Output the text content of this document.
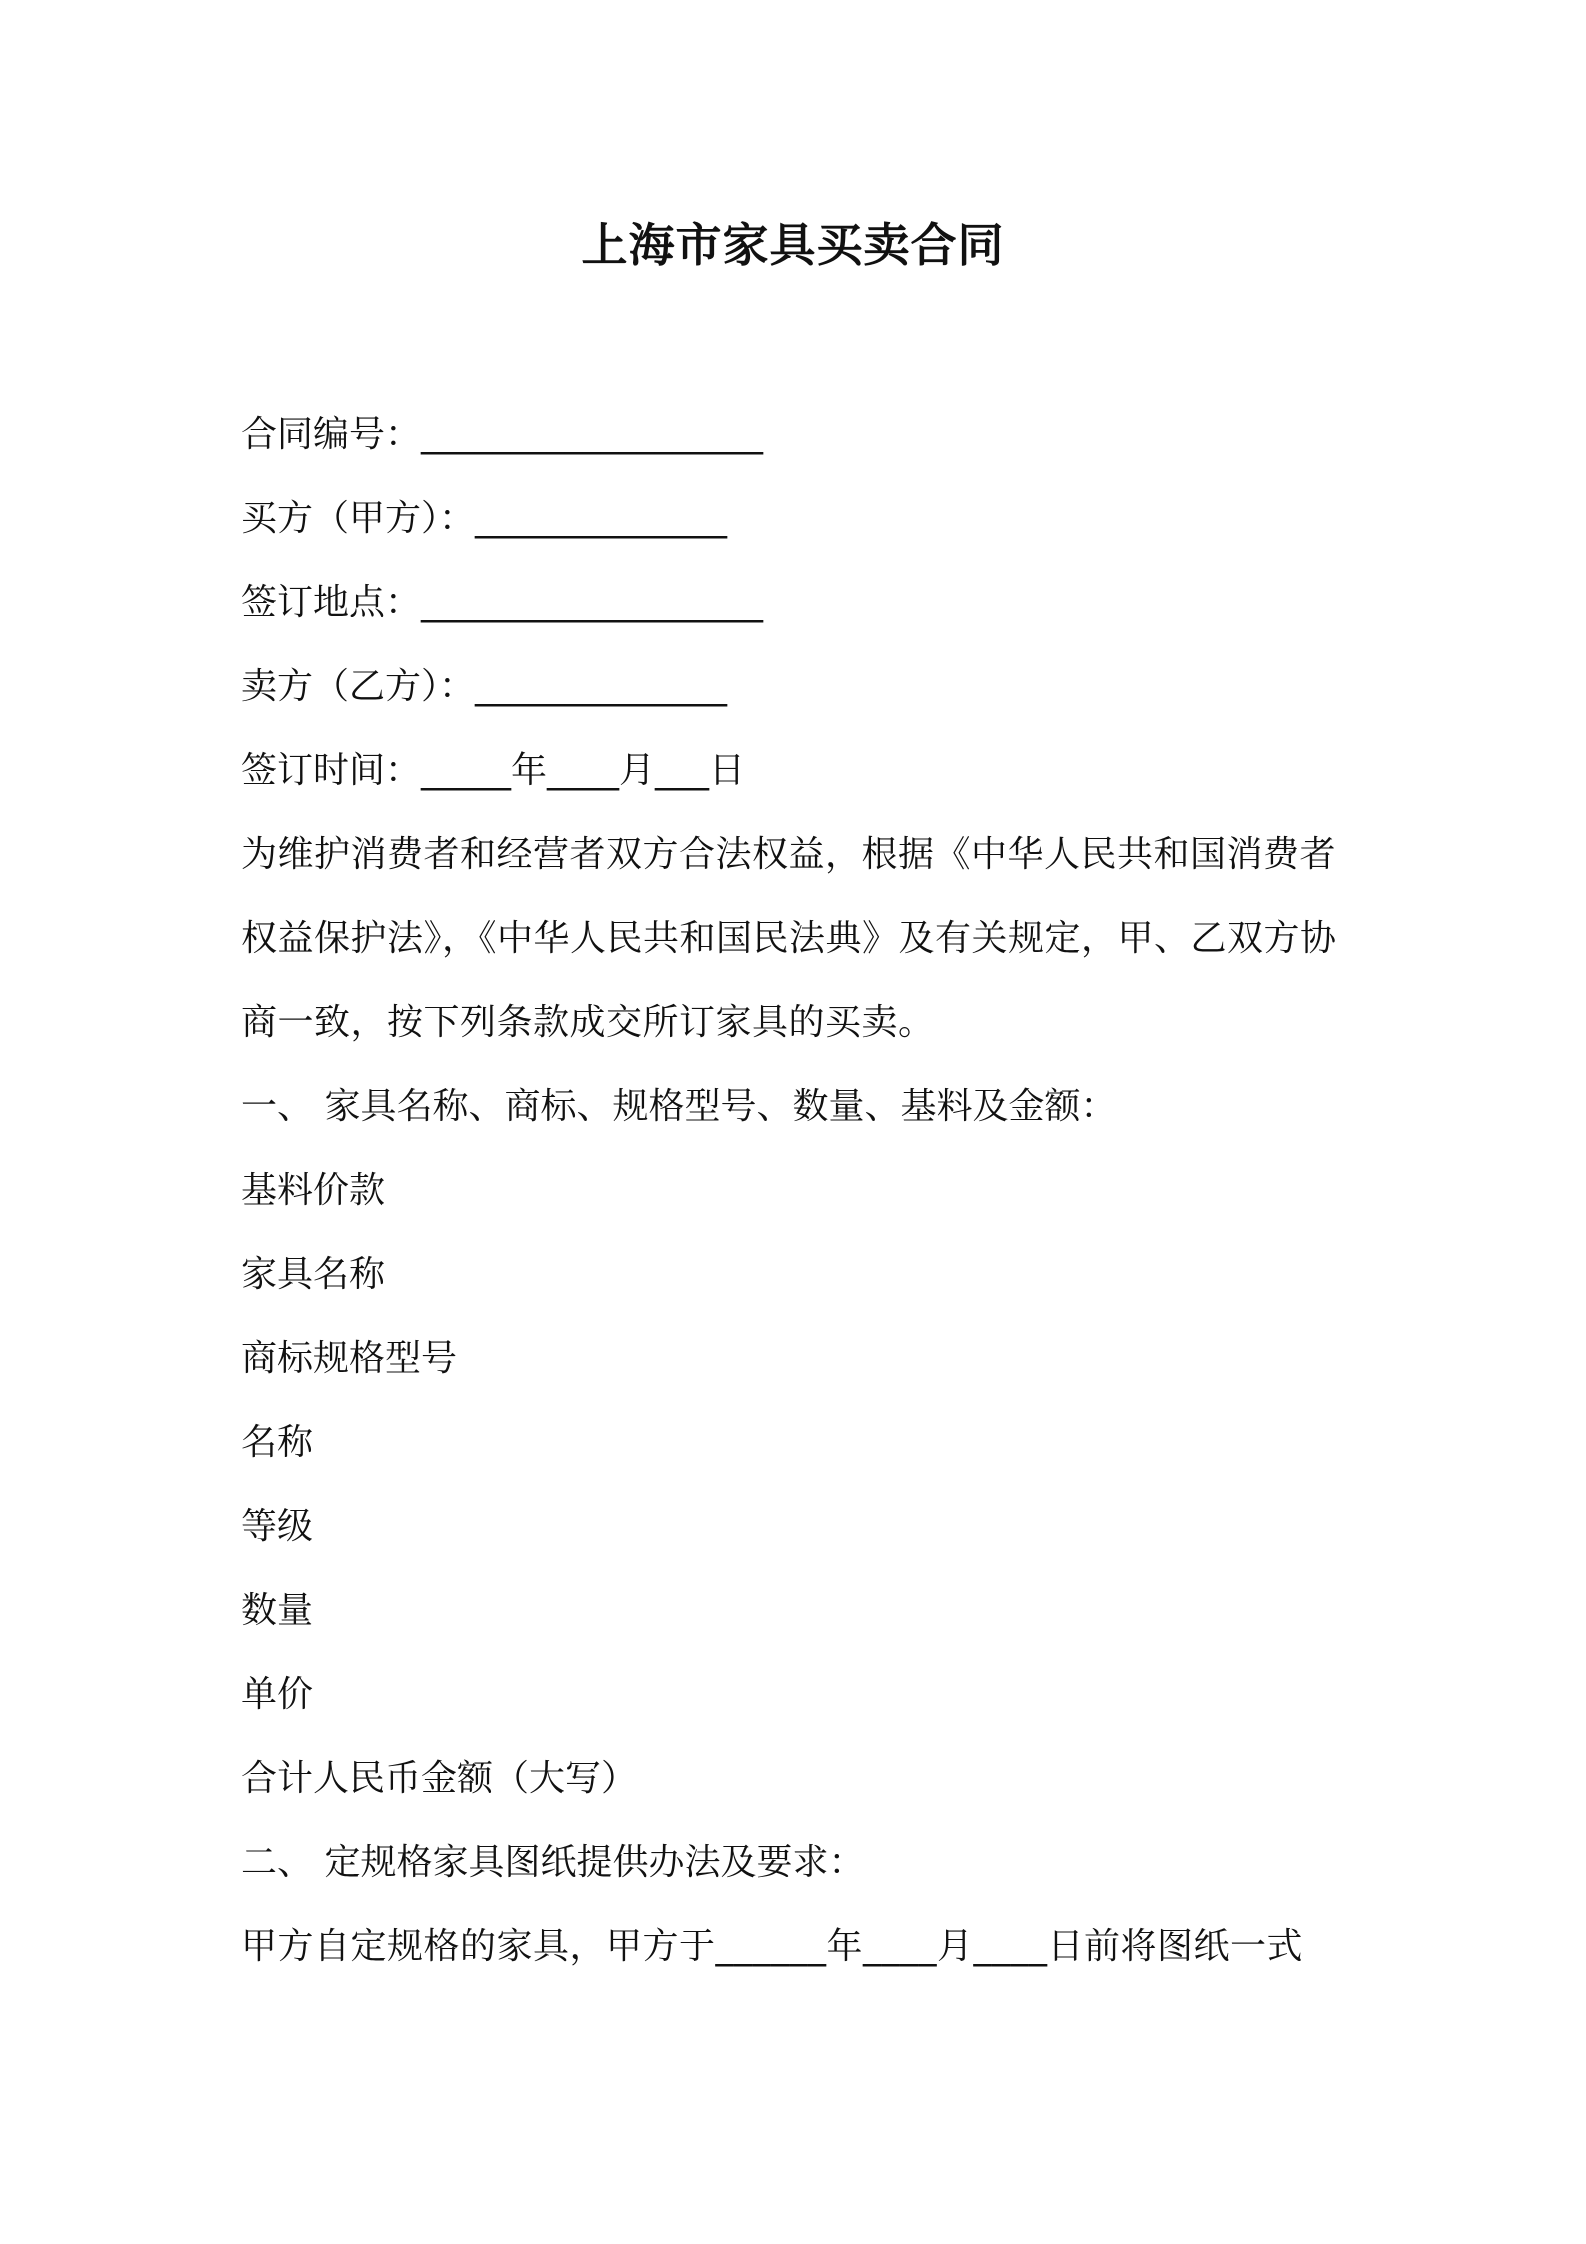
上海市家具买卖合同
合同编号：___________________
买方（甲方）：______________
签订地点：___________________
卖方（乙方）：______________
签订时间：_____年____月___日
为维护消费者和经营者双方合法权益，根据《中华人民共和国消费者
权益保护法》，《中华人民共和国民法典》及有关规定，甲、乙双方协
商一致，按下列条款成交所订家具的买卖。
一、 家具名称、商标、规格型号、数量、基料及金额：
基料价款
家具名称
商标规格型号
名称
等级
数量
单价
合计人民币金额（大写）
二、 定规格家具图纸提供办法及要求：
甲方自定规格的家具，甲方于______年____月____日前将图纸一式
